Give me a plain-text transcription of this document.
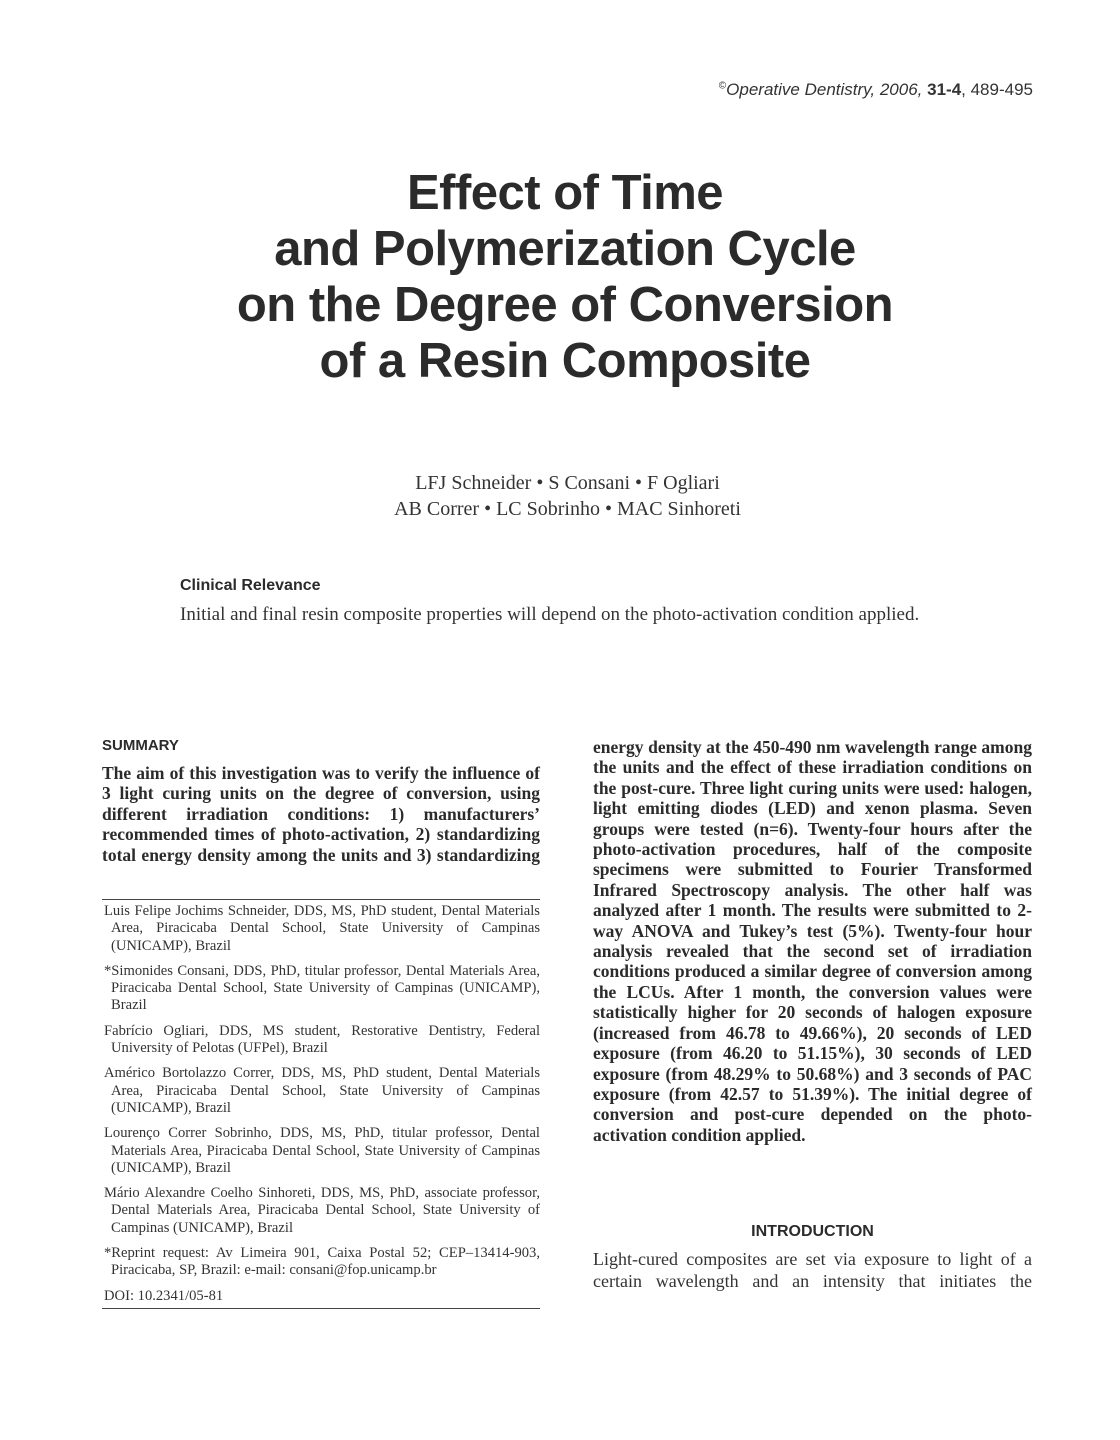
©Operative Dentistry, 2006, 31-4, 489-495
Effect of Time
and Polymerization Cycle
on the Degree of Conversion
of a Resin Composite
LFJ Schneider • S Consani • F Ogliari
AB Correr • LC Sobrinho • MAC Sinhoreti
Clinical Relevance
Initial and final resin composite properties will depend on the photo-activation condition applied.
SUMMARY
The aim of this investigation was to verify the influence of 3 light curing units on the degree of conversion, using different irradiation conditions: 1) manufacturers’ recommended times of photo-activation, 2) standardizing total energy density among the units and 3) standardizing
Luis Felipe Jochims Schneider, DDS, MS, PhD student, Dental Materials Area, Piracicaba Dental School, State University of Campinas (UNICAMP), Brazil
*Simonides Consani, DDS, PhD, titular professor, Dental Materials Area, Piracicaba Dental School, State University of Campinas (UNICAMP), Brazil
Fabrício Ogliari, DDS, MS student, Restorative Dentistry, Federal University of Pelotas (UFPel), Brazil
Américo Bortolazzo Correr, DDS, MS, PhD student, Dental Materials Area, Piracicaba Dental School, State University of Campinas (UNICAMP), Brazil
Lourenço Correr Sobrinho, DDS, MS, PhD, titular professor, Dental Materials Area, Piracicaba Dental School, State University of Campinas (UNICAMP), Brazil
Mário Alexandre Coelho Sinhoreti, DDS, MS, PhD, associate professor, Dental Materials Area, Piracicaba Dental School, State University of Campinas (UNICAMP), Brazil
*Reprint request: Av Limeira 901, Caixa Postal 52; CEP–13414-903, Piracicaba, SP, Brazil: e-mail: consani@fop.unicamp.br
DOI: 10.2341/05-81
energy density at the 450-490 nm wavelength range among the units and the effect of these irradiation conditions on the post-cure. Three light curing units were used: halogen, light emitting diodes (LED) and xenon plasma. Seven groups were tested (n=6). Twenty-four hours after the photo-activation procedures, half of the composite specimens were submitted to Fourier Transformed Infrared Spectroscopy analysis. The other half was analyzed after 1 month. The results were submitted to 2-way ANOVA and Tukey’s test (5%). Twenty-four hour analysis revealed that the second set of irradiation conditions produced a similar degree of conversion among the LCUs. After 1 month, the conversion values were statistically higher for 20 seconds of halogen exposure (increased from 46.78 to 49.66%), 20 seconds of LED exposure (from 46.20 to 51.15%), 30 seconds of LED exposure (from 48.29% to 50.68%) and 3 seconds of PAC exposure (from 42.57 to 51.39%). The initial degree of conversion and post-cure depended on the photo-activation condition applied.
INTRODUCTION
Light-cured composites are set via exposure to light of a certain wavelength and an intensity that initiates the
